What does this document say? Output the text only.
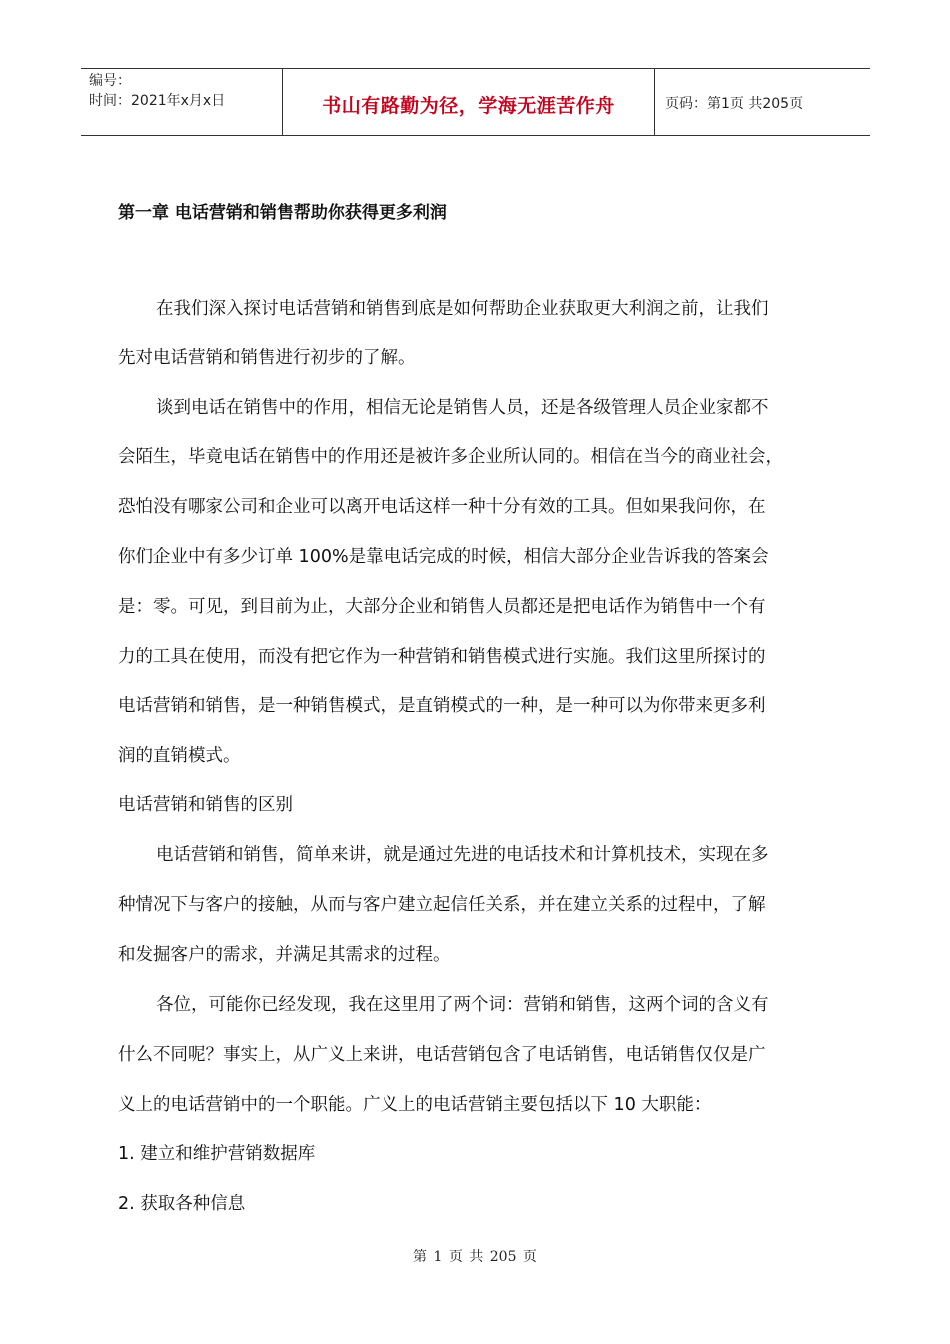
编号：
时间：2021年x月x日	书山有路勤为径，学海无涯苦作舟	页码：第1页 共205页
第一章 电话营销和销售帮助你获得更多利润
在我们深入探讨电话营销和销售到底是如何帮助企业获取更大利润之前，让我们
先对电话营销和销售进行初步的了解。
谈到电话在销售中的作用，相信无论是销售人员，还是各级管理人员企业家都不
会陌生，毕竟电话在销售中的作用还是被许多企业所认同的。相信在当今的商业社会，
恐怕没有哪家公司和企业可以离开电话这样一种十分有效的工具。但如果我问你，在
你们企业中有多少订单 100%是靠电话完成的时候，相信大部分企业告诉我的答案会
是：零。可见，到目前为止，大部分企业和销售人员都还是把电话作为销售中一个有
力的工具在使用，而没有把它作为一种营销和销售模式进行实施。我们这里所探讨的
电话营销和销售，是一种销售模式，是直销模式的一种，是一种可以为你带来更多利
润的直销模式。
电话营销和销售的区别
电话营销和销售，简单来讲，就是通过先进的电话技术和计算机技术，实现在多
种情况下与客户的接触，从而与客户建立起信任关系，并在建立关系的过程中，了解
和发掘客户的需求，并满足其需求的过程。
各位，可能你已经发现，我在这里用了两个词：营销和销售，这两个词的含义有
什么不同呢？事实上，从广义上来讲，电话营销包含了电话销售，电话销售仅仅是广
义上的电话营销中的一个职能。广义上的电话营销主要包括以下 10 大职能：
1. 建立和维护营销数据库
2. 获取各种信息
第 1 页 共 205 页
